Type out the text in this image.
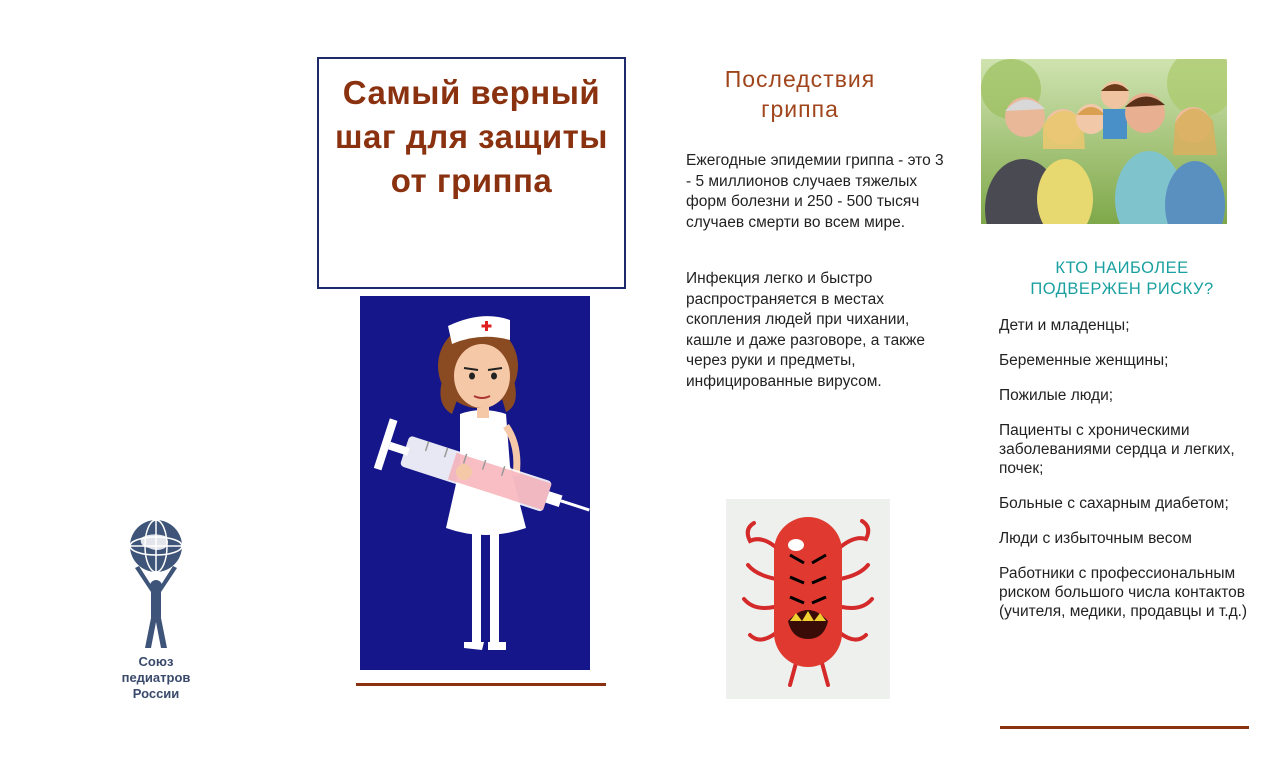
Союз
педиатров
России
Самый верный шаг для защиты от гриппа
Последствия гриппа
Ежегодные эпидемии гриппа - это 3 - 5 миллионов случаев тяжелых форм болезни и 250 - 500 тысяч случаев смерти во всем мире.
Инфекция легко и быстро распространяется в местах скопления людей при чихании, кашле и даже разговоре, а также через руки и предметы, инфицированные вирусом.
КТО НАИБОЛЕЕ ПОДВЕРЖЕН РИСКУ?
Дети и младенцы;
Беременные женщины;
Пожилые люди;
Пациенты с хроническими заболеваниями сердца и легких, почек;
Больные с сахарным диабетом;
Люди с избыточным весом
Работники с профессиональным риском большого числа контактов (учителя, медики, продавцы и т.д.)
